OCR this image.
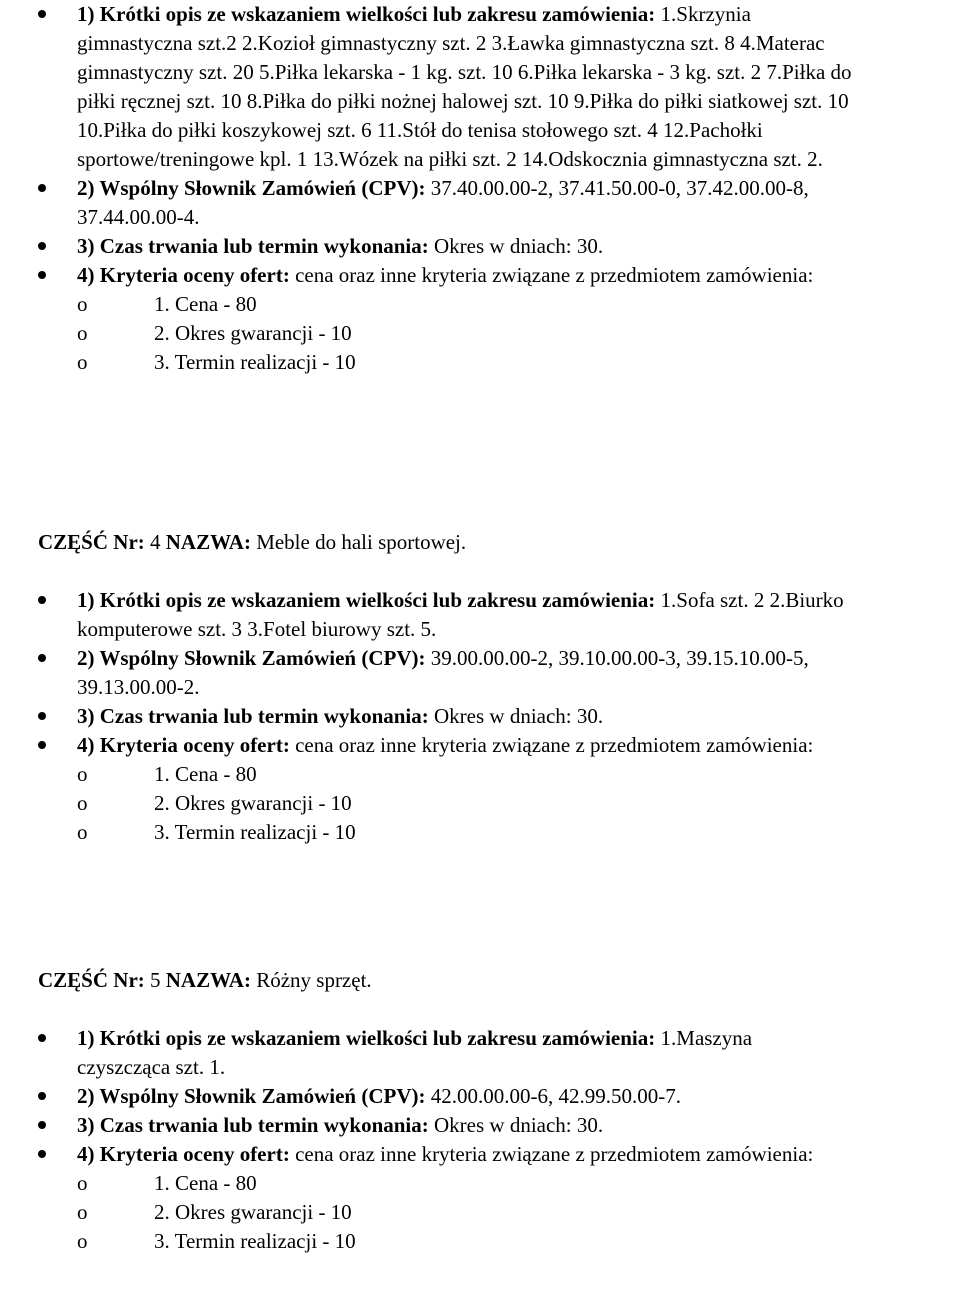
1) Krótki opis ze wskazaniem wielkości lub zakresu zamówienia: 1.Skrzynia gimnastyczna szt.2 2.Kozioł gimnastyczny szt. 2 3.Ławka gimnastyczna szt. 8 4.Materac gimnastyczny szt. 20 5.Piłka lekarska - 1 kg. szt. 10 6.Piłka lekarska - 3 kg. szt. 2 7.Piłka do piłki ręcznej szt. 10 8.Piłka do piłki nożnej halowej szt. 10 9.Piłka do piłki siatkowej szt. 10 10.Piłka do piłki koszykowej szt. 6 11.Stół do tenisa stołowego szt. 4 12.Pachołki sportowe/treningowe kpl. 1 13.Wózek na piłki szt. 2 14.Odskocznia gimnastyczna szt. 2.
2) Wspólny Słownik Zamówień (CPV): 37.40.00.00-2, 37.41.50.00-0, 37.42.00.00-8, 37.44.00.00-4.
3) Czas trwania lub termin wykonania: Okres w dniach: 30.
4) Kryteria oceny ofert: cena oraz inne kryteria związane z przedmiotem zamówienia:
o	1. Cena - 80
o	2. Okres gwarancji - 10
o	3. Termin realizacji - 10
CZĘŚĆ Nr: 4 NAZWA: Meble do hali sportowej.
1) Krótki opis ze wskazaniem wielkości lub zakresu zamówienia: 1.Sofa szt. 2 2.Biurko komputerowe szt. 3 3.Fotel biurowy szt. 5.
2) Wspólny Słownik Zamówień (CPV): 39.00.00.00-2, 39.10.00.00-3, 39.15.10.00-5, 39.13.00.00-2.
3) Czas trwania lub termin wykonania: Okres w dniach: 30.
4) Kryteria oceny ofert: cena oraz inne kryteria związane z przedmiotem zamówienia:
o	1. Cena - 80
o	2. Okres gwarancji - 10
o	3. Termin realizacji - 10
CZĘŚĆ Nr: 5 NAZWA: Różny sprzęt.
1) Krótki opis ze wskazaniem wielkości lub zakresu zamówienia: 1.Maszyna czyszcząca szt. 1.
2) Wspólny Słownik Zamówień (CPV): 42.00.00.00-6, 42.99.50.00-7.
3) Czas trwania lub termin wykonania: Okres w dniach: 30.
4) Kryteria oceny ofert: cena oraz inne kryteria związane z przedmiotem zamówienia:
o	1. Cena - 80
o	2. Okres gwarancji - 10
o	3. Termin realizacji - 10
